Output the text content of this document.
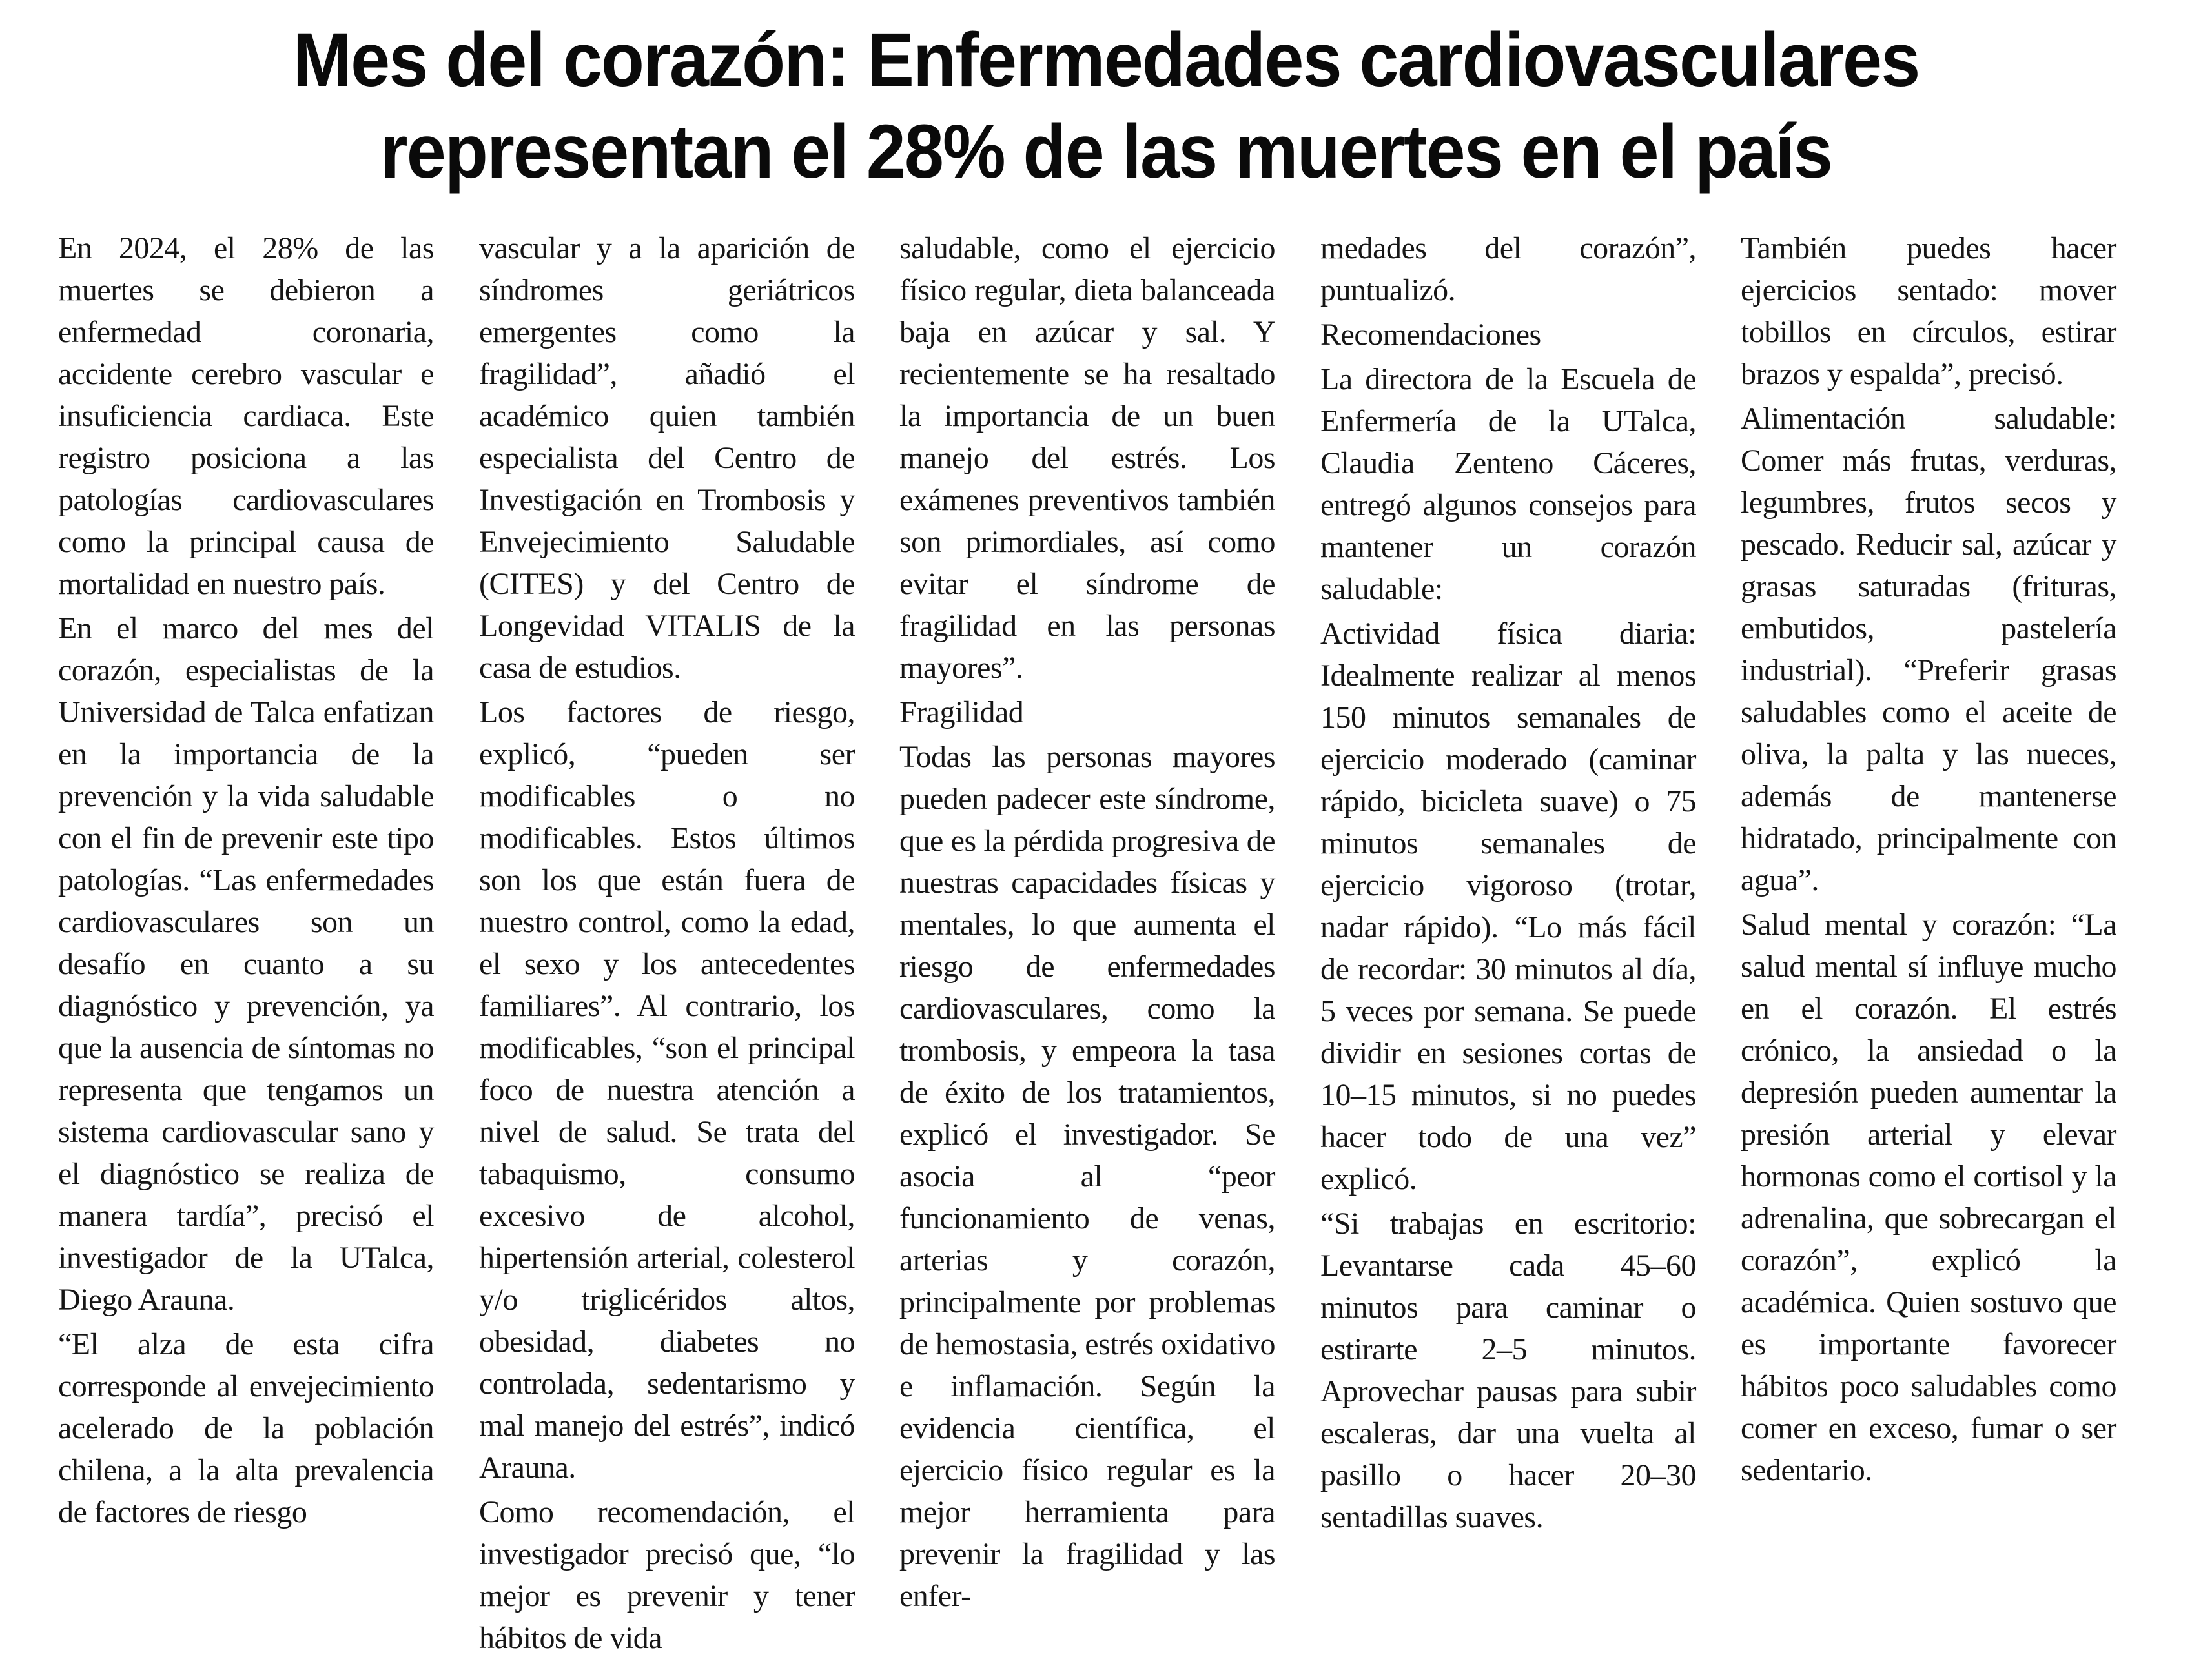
Mes del corazón: Enfermedades cardiovasculares
representan el 28% de las muertes en el país

En 2024, el 28% de las muertes se debieron a enfermedad coronaria, accidente cerebro vascular e insuficiencia cardiaca. Este registro posiciona a las patologías cardiovasculares como la principal causa de mortalidad en nuestro país.

En el marco del mes del corazón, especialistas de la Universidad de Talca enfatizan en la importancia de la prevención y la vida saludable con el fin de prevenir este tipo patologías. “Las enfermedades cardiovasculares son un desafío en cuanto a su diagnóstico y prevención, ya que la ausencia de síntomas no representa que tengamos un sistema cardiovascular sano y el diagnóstico se realiza de manera tardía”, precisó el investigador de la UTalca, Diego Arauna.

“El alza de esta cifra corresponde al envejecimiento acelerado de la población chilena, a la alta prevalencia de factores de riesgo

vascular y a la aparición de síndromes geriátricos emergentes como la fragilidad”, añadió el académico quien también especialista del Centro de Investigación en Trombosis y Envejecimiento Saludable (CITES) y del Centro de Longevidad VITALIS de la casa de estudios.

Los factores de riesgo, explicó, “pueden ser modificables o no modificables. Estos últimos son los que están fuera de nuestro control, como la edad, el sexo y los antecedentes familiares”. Al contrario, los modificables, “son el principal foco de nuestra atención a nivel de salud. Se trata del tabaquismo, consumo excesivo de alcohol, hipertensión arterial, colesterol y/o triglicéridos altos, obesidad, diabetes no controlada, sedentarismo y mal manejo del estrés”, indicó Arauna.

Como recomendación, el investigador precisó que, “lo mejor es prevenir y tener hábitos de vida

saludable, como el ejercicio físico regular, dieta balanceada baja en azúcar y sal. Y recientemente se ha resaltado la importancia de un buen manejo del estrés. Los exámenes preventivos también son primordiales, así como evitar el síndrome de fragilidad en las personas mayores”.

Fragilidad

Todas las personas mayores pueden padecer este síndrome, que es la pérdida progresiva de nuestras capacidades físicas y mentales, lo que aumenta el riesgo de enfermedades cardiovasculares, como la trombosis, y empeora la tasa de éxito de los tratamientos, explicó el investigador. Se asocia al “peor funcionamiento de venas, arterias y corazón, principalmente por problemas de hemostasia, estrés oxidativo e inflamación. Según la evidencia científica, el ejercicio físico regular es la mejor herramienta para prevenir la fragilidad y las enfer-

medades del corazón”, puntualizó.

Recomendaciones

La directora de la Escuela de Enfermería de la UTalca, Claudia Zenteno Cáceres, entregó algunos consejos para mantener un corazón saludable:

Actividad física diaria: Idealmente realizar al menos 150 minutos semanales de ejercicio moderado (caminar rápido, bicicleta suave) o 75 minutos semanales de ejercicio vigoroso (trotar, nadar rápido). “Lo más fácil de recordar: 30 minutos al día, 5 veces por semana. Se puede dividir en sesiones cortas de 10–15 minutos, si no puedes hacer todo de una vez” explicó.

“Si trabajas en escritorio: Levantarse cada 45–60 minutos para caminar o estirarte 2–5 minutos. Aprovechar pausas para subir escaleras, dar una vuelta al pasillo o hacer 20–30 sentadillas suaves.

También puedes hacer ejercicios sentado: mover tobillos en círculos, estirar brazos y espalda”, precisó.

Alimentación saludable: Comer más frutas, verduras, legumbres, frutos secos y pescado. Reducir sal, azúcar y grasas saturadas (frituras, embutidos, pastelería industrial). “Preferir grasas saludables como el aceite de oliva, la palta y las nueces, además de mantenerse hidratado, principalmente con agua”.

Salud mental y corazón: “La salud mental sí influye mucho en el corazón. El estrés crónico, la ansiedad o la depresión pueden aumentar la presión arterial y elevar hormonas como el cortisol y la adrenalina, que sobrecargan el corazón”, explicó la académica. Quien sostuvo que es importante favorecer hábitos poco saludables como comer en exceso, fumar o ser sedentario.
